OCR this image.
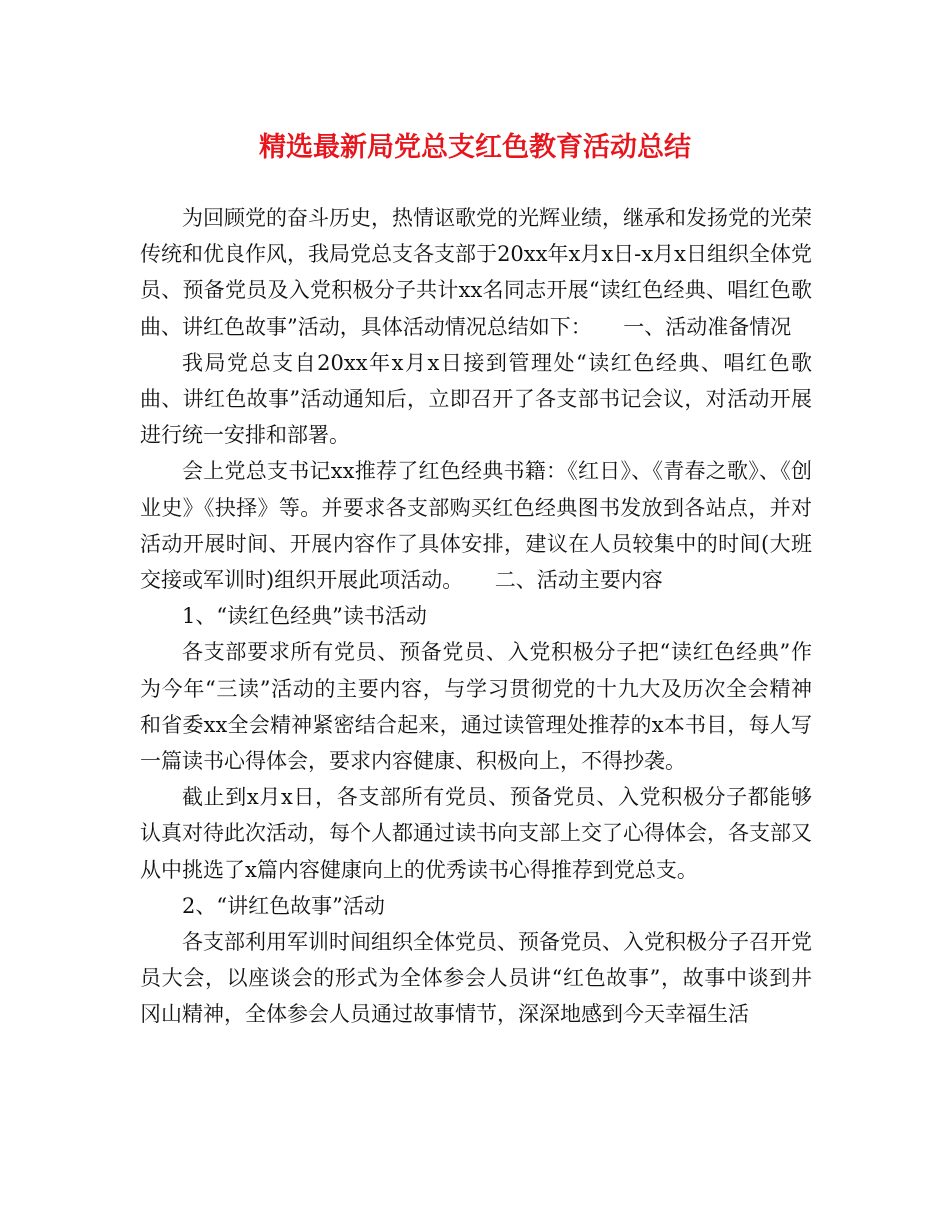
精选最新局党总支红色教育活动总结

为回顾党的奋斗历史，热情讴歌党的光辉业绩，继承和发扬党的光荣传统和优良作风，我局党总支各支部于20xx年x月x日-x月x日组织全体党员、预备党员及入党积极分子共计xx名同志开展“读红色经典、唱红色歌曲、讲红色故事”活动，具体活动情况总结如下：　　一、活动准备情况

我局党总支自20xx年x月x日接到管理处“读红色经典、唱红色歌曲、讲红色故事”活动通知后，立即召开了各支部书记会议，对活动开展进行统一安排和部署。

会上党总支书记xx推荐了红色经典书籍：《红日》、《青春之歌》、《创业史》《抉择》等。并要求各支部购买红色经典图书发放到各站点，并对活动开展时间、开展内容作了具体安排，建议在人员较集中的时间(大班交接或军训时)组织开展此项活动。　　二、活动主要内容

1、“读红色经典”读书活动

各支部要求所有党员、预备党员、入党积极分子把“读红色经典”作为今年“三读”活动的主要内容，与学习贯彻党的十九大及历次全会精神和省委xx全会精神紧密结合起来，通过读管理处推荐的x本书目，每人写一篇读书心得体会，要求内容健康、积极向上，不得抄袭。

截止到x月x日，各支部所有党员、预备党员、入党积极分子都能够认真对待此次活动，每个人都通过读书向支部上交了心得体会，各支部又从中挑选了x篇内容健康向上的优秀读书心得推荐到党总支。

2、“讲红色故事”活动

各支部利用军训时间组织全体党员、预备党员、入党积极分子召开党员大会，以座谈会的形式为全体参会人员讲“红色故事”，故事中谈到井冈山精神，全体参会人员通过故事情节，深深地感到今天幸福生活
